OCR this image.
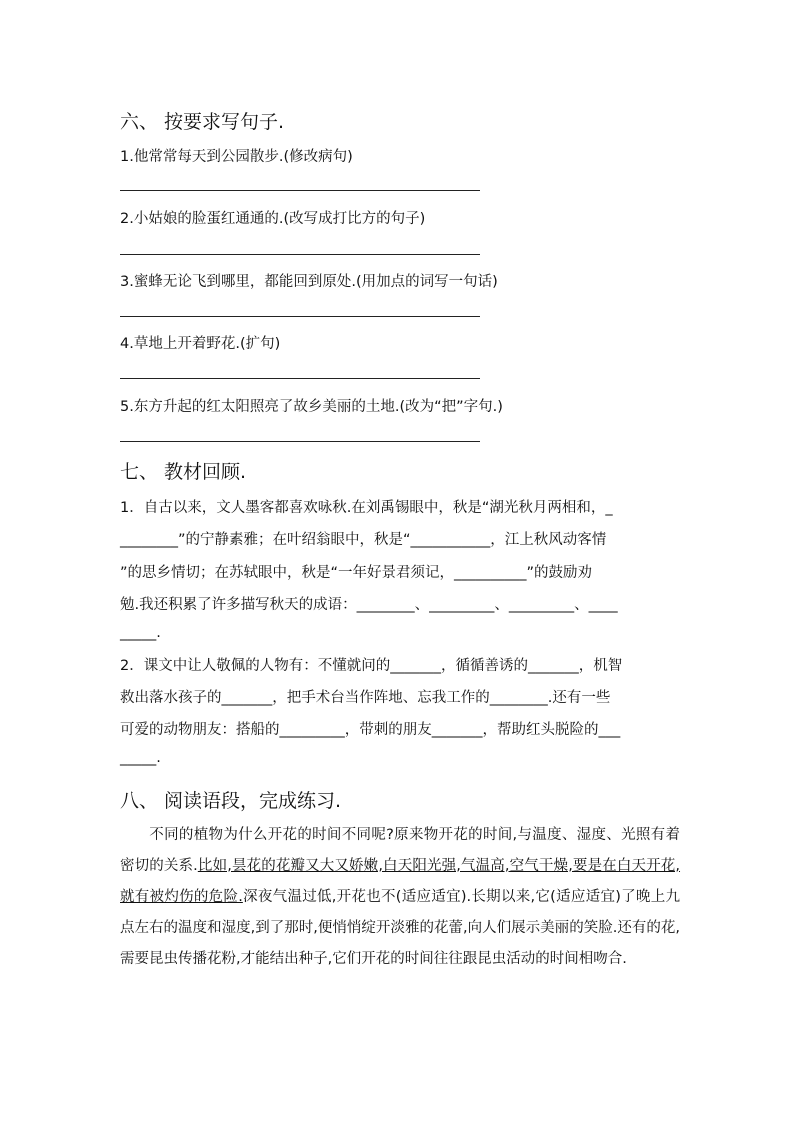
六、 按要求写句子.
1.他常常每天到公园散步.(修改病句)
2.小姑娘的脸蛋红通通的.(改写成打比方的句子)
3.蜜蜂无论飞到哪里，都能回到原处.(用加点的词写一句话)
4.草地上开着野花.(扩句)
5.东方升起的红太阳照亮了故乡美丽的土地.(改为“把”字句.)
七、 教材回顾.
1．自古以来，文人墨客都喜欢咏秋.在刘禹锡眼中，秋是“湖光秋月两相和，_
________”的宁静素雅；在叶绍翁眼中，秋是“___________，江上秋风动客情
”的思乡情切；在苏轼眼中，秋是“一年好景君须记，__________”的鼓励劝
勉.我还积累了许多描写秋天的成语：________、_________、_________、____
_____.
2．课文中让人敬佩的人物有：不懂就问的_______，循循善诱的_______，机智
救出落水孩子的_______，把手术台当作阵地、忘我工作的________.还有一些
可爱的动物朋友：搭船的_________，带刺的朋友_______，帮助红头脱险的___
_____.
八、 阅读语段，完成练习.

不同的植物为什么开花的时间不同呢?原来物开花的时间,与温度、湿度、光照有着密切的关系.比如,昙花的花瓣又大又娇嫩,白天阳光强,气温高,空气干燥,要是在白天开花,就有被灼伤的危险.深夜气温过低,开花也不(适应适宜).长期以来,它(适应适宜)了晚上九点左右的温度和湿度,到了那时,便悄悄绽开淡雅的花蕾,向人们展示美丽的笑脸.还有的花,需要昆虫传播花粉,才能结出种子,它们开花的时间往往跟昆虫活动的时间相吻合.
